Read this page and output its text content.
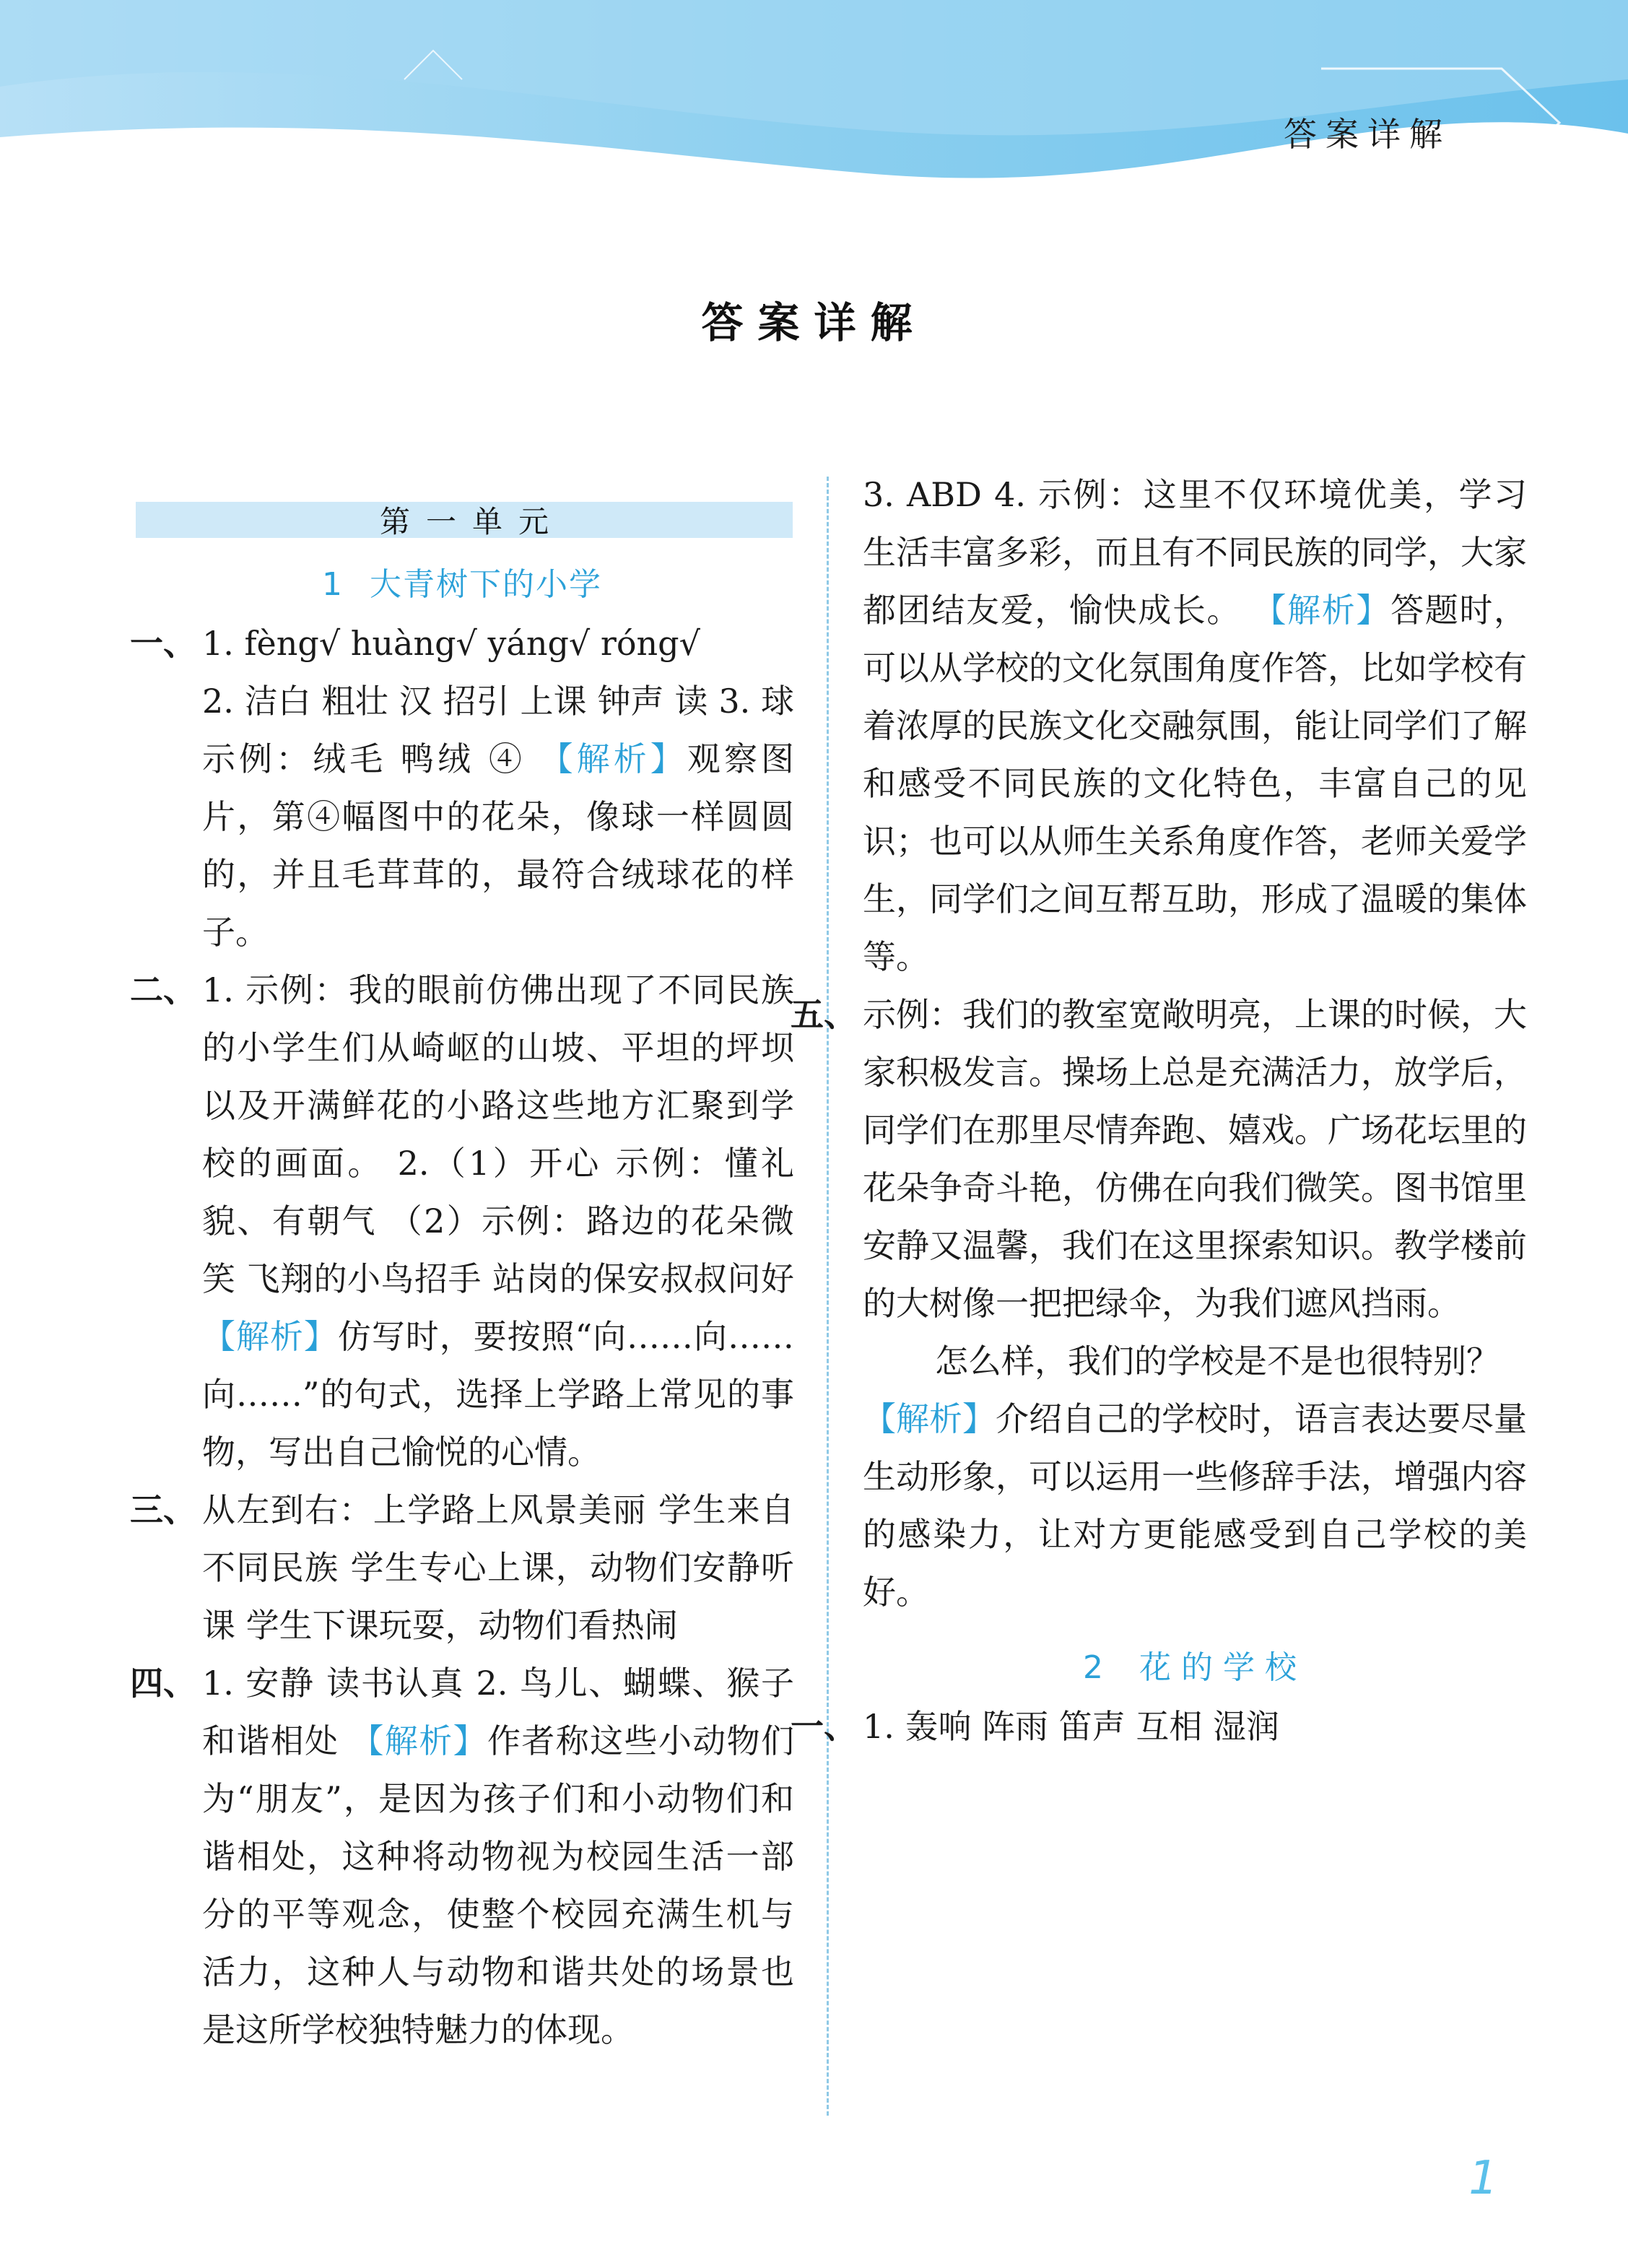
答案详解
答案详解
第一单元
1 大青树下的小学
一、 1. fèng√ huàng√ yáng√ róng√
2. 洁白 粗壮 汉 招引 上课 钟声 读 3. 球 示例：绒毛 鸭绒 ④ 【解析】观察图片，第④幅图中的花朵，像球一样圆圆的，并且毛茸茸的，最符合绒球花的样子。

二、 1. 示例：我的眼前仿佛出现了不同民族的小学生们从崎岖的山坡、平坦的坪坝以及开满鲜花的小路这些地方汇聚到学校的画面。 2.（1）开心 示例：懂礼貌、有朝气 （2）示例：路边的花朵微笑 飞翔的小鸟招手 站岗的保安叔叔问好 【解析】仿写时，要按照“向……向……向……”的句式，选择上学路上常见的事物，写出自己愉悦的心情。

三、 从左到右：上学路上风景美丽 学生来自不同民族 学生专心上课，动物们安静听课 学生下课玩耍，动物们看热闹

四、 1. 安静 读书认真 2. 鸟儿、蝴蝶、猴子 和谐相处 【解析】作者称这些小动物们为“朋友”，是因为孩子们和小动物们和谐相处，这种将动物视为校园生活一部分的平等观念，使整个校园充满生机与活力，这种人与动物和谐共处的场景也是这所学校独特魅力的体现。

3. ABD 4. 示例：这里不仅环境优美，学习生活丰富多彩，而且有不同民族的同学，大家都团结友爱，愉快成长。 【解析】答题时，可以从学校的文化氛围角度作答，比如学校有着浓厚的民族文化交融氛围，能让同学们了解和感受不同民族的文化特色，丰富自己的见识；也可以从师生关系角度作答，老师关爱学生，同学们之间互帮互助，形成了温暖的集体等。

五、 示例：我们的教室宽敞明亮，上课的时候，大家积极发言。操场上总是充满活力，放学后，同学们在那里尽情奔跑、嬉戏。广场花坛里的花朵争奇斗艳，仿佛在向我们微笑。图书馆里安静又温馨，我们在这里探索知识。教学楼前的大树像一把把绿伞，为我们遮风挡雨。

怎么样，我们的学校是不是也很特别？

【解析】介绍自己的学校时，语言表达要尽量生动形象，可以运用一些修辞手法，增强内容的感染力，让对方更能感受到自己学校的美好。

2 花的学校
一、 1. 轰响 阵雨 笛声 互相 湿润

1
